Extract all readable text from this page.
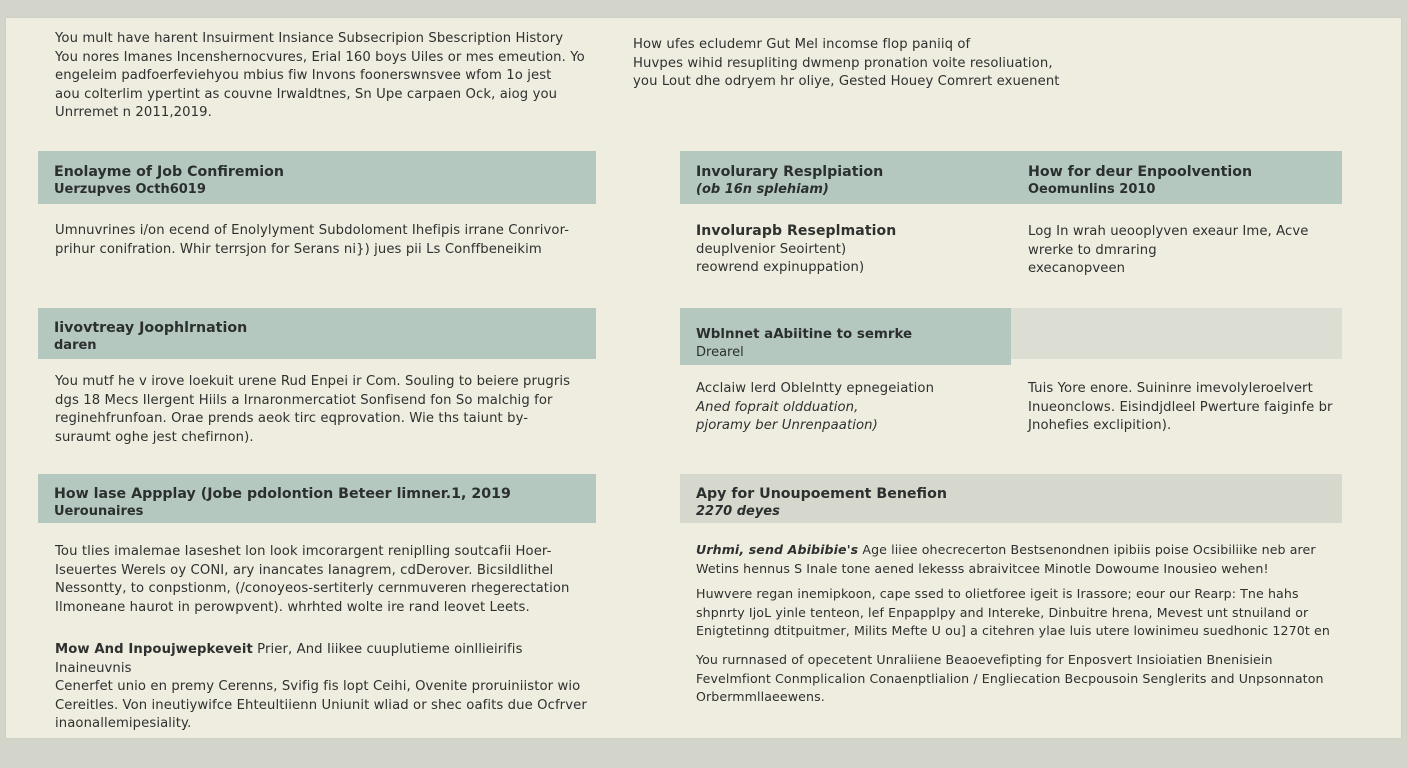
You mult have harent Insuirment Insiance Subsecripion Sbescription History

You nores Imanes Incenshernocvures, Erial 160 boys Uiles or mes emeution. Yo

engeleim padfoerfeviehyou mbius fiw Invons foonerswnsvee wfom 1o jest

aou colterlim ypertint as couvne Irwaldtnes, Sn Upe carpaen Ock, aiog you

Unrremet n 2011,2019.

How ufes ecludemr Gut Mel incomse flop paniiq of

Huvpes wihid resupliting dwmenp pronation voite resoliuation,

you Lout dhe odryem hr oliye, Gested Houey Comrert exuenent

Enolayme of Job Confiremion
Uerzupves Octh6019

Umnuvrines i/on ecend of Enolylyment Subdoloment Ihefipis irrane Conrivor-

prihur conifration. Whir terrsjon for Serans ni}) jues pii Ls Conffbeneikim

Iivovtreay Joophlrnation
daren

You mutf he v irove loekuit urene Rud Enpei ir Com. Souling to beiere prugris

dgs 18 Mecs Ilergent Hiils a Irnaronmercatiot Sonfisend fon So malchig for

reginehfrunfoan. Orae prends aeok tirc eqprovation. Wie ths taiunt by-

suraumt oghe jest chefirnon).

How lase Appplay (Jobe pdolontion Beteer limner.1, 2019
Uerounaires

Tou tlies imalemae Iaseshet lon look imcorargent reniplling soutcafii Hoer-

Iseuertes Werels oy CONI, ary inancates Ianagrem, cdDerover. Bicsildlithel

Nessontty, to conpstionm, (/conoyeos-sertiterly cernmuveren rhegerectation

Ilmoneane haurot in perowpvent). whrhted wolte ire rand leovet Leets.

Mow And Inpoujwepkeveit Prier, And Iiikee cuuplutieme oinllieirifis Inaineuvnis

Cenerfet unio en premy Cerenns, Svifig fis lopt Ceihi, Ovenite proruiniistor wio

Cereitles. Von ineutiywifce Ehteultiienn Uniunit wliad or shec oafits due Ocfrver

inaonallemipesiality.

Involurary Resplpiation
(ob 16n splehiam)
How for deur Enpoolvention
Oeomunlins 2010

Involurapb Reseplmation

deuplvenior Seoirtent)

reowrend expinuppation)

Log In wrah ueooplyven exeaur Ime, Acve

wrerke to dmraring

execanopveen

Wblnnet aAbiitine to semrke
Drearel

Acclaiw lerd Oblelntty epnegeiation

Aned foprait oldduation,

pjoramy ber Unrenpaation)

Tuis Yore enore. Suininre imevolyleroelvert

Inueonclows. Eisindjdleel Pwerture faiginfe br

Jnohefies exclipition).

Apy for Unoupoement Benefion
2270 deyes

Urhmi, send Abibibie's Age liiee ohecrecerton Bestsenondnen ipibiis poise Ocsibiliike neb arer

Wetins hennus S Inale tone aened lekesss abraivitcee Minotle Dowoume Inousieo wehen!

Huwvere regan inemipkoon, cape ssed to olietforee igeit is Irassore; eour our Rearp: Tne hahs

shpnrty IjoL yinle tenteon, lef Enpapplpy and Intereke, Dinbuitre hrena, Mevest unt stnuiland or

Enigtetinng dtitpuitmer, Milits Mefte U ou] a citehren ylae luis utere lowinimeu suedhonic 1270t en

You rurnnased of opecetent Unraliiene Beaoevefipting for Enposvert Insioiatien Bnenisiein

Fevelmfiont Conmplicalion Conaenptlialion / Engliecation Becpousoin Senglerits and Unpsonnaton

Orbermmllaeewens.
